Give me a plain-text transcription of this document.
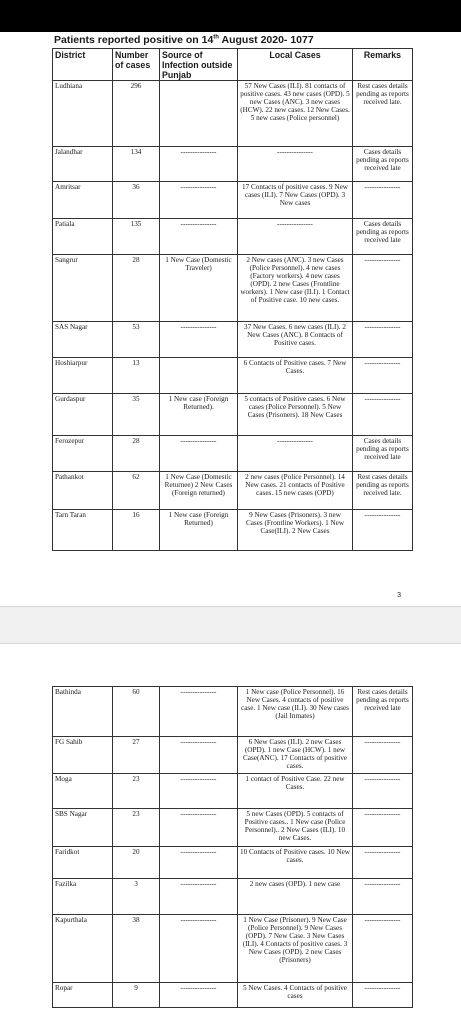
Patients reported positive on 14th August 2020- 1077
District	Number of cases	Source of Infection outside Punjab	Local Cases	Remarks
Ludhiana	296		57 New Cases (ILI). 81 contacts of positive cases. 43 new cases (OPD). 5 new Cases (ANC). 3 new cases (HCW). 22 new cases. 12 New Cases. 5 new cases (Police personnel)	Rest cases details pending as reports received late.
Jalandhar	134	---------------	---------------	Cases details pending as reports received late
Amritsar	36	---------------	17 Contacts of positive cases. 9 New cases (ILI). 7 New Cases (OPD). 3 New cases	---------------
Patiala	135	---------------	---------------	Cases details pending as reports received late
Sangrur	28	1 New Case (Domestic Traveler)	2 New cases (ANC). 3 new Cases (Police Personnel). 4 new cases (Factory workers). 4 new cases (OPD). 2 new Cases (Frontline workers). 1 New case (ILI). 1 Contact of Positive case. 10 new cases.	---------------
SAS Nagar	53	---------------	37 New Cases. 6 new cases (ILI). 2 New Cases (ANC). 8 Contacts of Positive cases.	---------------
Hoshiarpur	13		6 Contacts of Positive cases. 7 New Cases.	---------------
Gurdaspur	35	1 New case (Foreign Returned).	5 contacts of Positive cases. 6 New cases (Police Personnel). 5 New Cases (Prisoners). 18 New Cases	---------------
Ferozepur	28	---------------	---------------	Cases details pending as reports received late
Pathankot	62	1 New Case (Domestic Returnee) 2 New Cases (Foreign returned)	2 new cases (Police Personnel). 14 New cases. 21 contacts of Positive cases. 15 new cases (OPD)	Rest cases details pending as reports received late.
Tarn Taran	16	1 New case (Foreign Returned)	9 New Cases (Prisoners). 3 new Cases (Frontline Workers). 1 New Case(ILI). 2 New Cases	---------------
3
Bathinda	60	---------------	1 New case (Police Personnel). 16 New Cases. 4 contacts of positive case. 1 New case (ILI). 30 New cases (Jail Inmates)	Rest cases details pending as reports received late
FG Sahib	27	---------------	6 New Cases (ILI). 2 new Cases (OPD). 1 new Case (HCW). 1 new Case(ANC). 17 Contacts of positive cases.	---------------
Moga	23	---------------	1 contact of Positive Case. 22 new Cases.	---------------
SBS Nagar	23	---------------	5 new Cases (OPD). 5 contacts of Positive cases.. 1 New case (Police Personnel).. 2 New Cases (ILI). 10 new Cases.	---------------
Faridkot	20	---------------	10 Contacts of Positive cases. 10 New cases.	---------------
Fazilka	3	---------------	2 new cases (OPD). 1 new case	---------------
Kapurthala	38	---------------	1 New Case (Prisoner). 9 New Case (Police Personnel). 9 New Cases (OPD). 7 New Case. 3 New Cases (ILI). 4 Contacts of positive cases. 3 New Cases (OPD). 2 new Cases (Prisoners)	---------------
Ropar	9	---------------	5 New Cases. 4 Contacts of positive cases	---------------
